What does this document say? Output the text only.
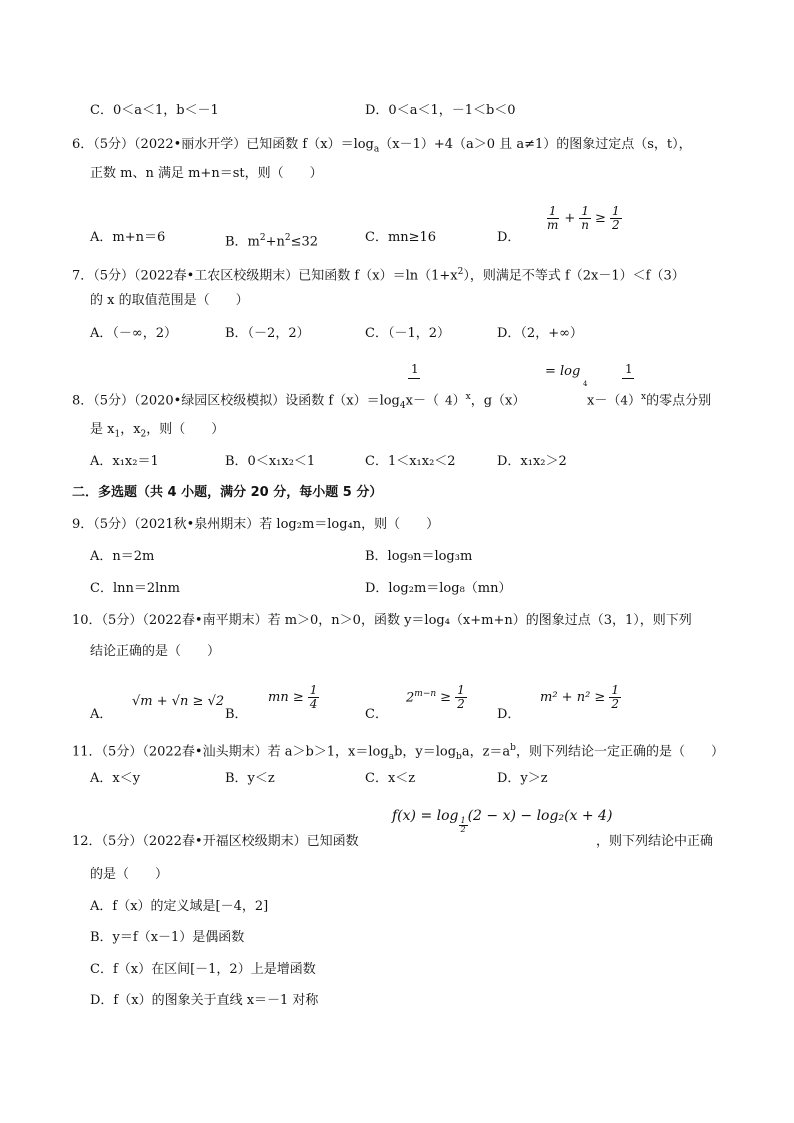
C．0＜a＜1，b＜－1	D．0＜a＜1，－1＜b＜0
6．（5分）（2022•丽水开学）已知函数 $f(x)=\log_a(x-1)+4(a>0$ 且 a≠1）的图象过定点（s，t），
正数 m、n 满足 m+n＝st，则（　　）
A．m+n＝6	B．$m^2+n^2\le 32$	C．mn≥16	D．
$\frac{1}{m} + \frac{1}{n} \ge \frac{1}{2}$
7．（5分）（2022春•工农区校级期末）已知函数 $f(x)=\ln(1+x^2)$，则满足不等式 f（2x－1）＜f（3）
的 x 的取值范围是（　　）
A．（－∞，2）	B．（－2，2）	C．（－1，2）	D．（2，+∞）
1	= log	1
4
8．（5分）（2020•绿园区校级模拟）设函数 $f(x)=\log_4x-$（ 4）$^x$，g（x）	$x-(4)^x$的零点分别
是 $x_1$，$x_2$，则（　　）
A．x₁x₂＝1	B．0＜x₁x₂＜1	C．1＜x₁x₂＜2	D．x₁x₂＞2
二．多选题（共 4 小题，满分 20 分，每小题 5 分）
9．（5分）（2021秋•泉州期末）若 log₂m＝log₄n，则（　　）
A．n＝2m	B．log₉n＝log₃m
C．lnn＝2lnm	D．log₂m＝log₈（mn）
10．（5分）（2022春•南平期末）若 m＞0，n＞0，函数 y＝log₄（x+m+n）的图象过点（3，1），则下列
结论正确的是（　　）
A．
√m + √n ≥ √2
B．
mn ≥ $\frac{1}{4}$
C．
$2^{m-n} \ge \frac{1}{2}$
D．
$m^2 + n^2 \ge \frac{1}{2}$
11．（5分）（2022春•汕头期末）若 a＞b＞1，$x=\log_ab$，$y=\log_ba$，$z=a^b$，则下列结论一定正确的是（　　）
A．x＜y	B．y＜z	C．x＜z	D．y＞z
f(x) = log
$\frac{1}{2}$
(2 − x) − log₂(x + 4)
12．（5分）（2022春•开福区校级期末）已知函数	，则下列结论中正确
的是（　　）
A．f（x）的定义域是[－4，2]
B．y＝f（x－1）是偶函数
C．f（x）在区间[－1，2）上是增函数
D．f（x）的图象关于直线 x＝－1 对称
